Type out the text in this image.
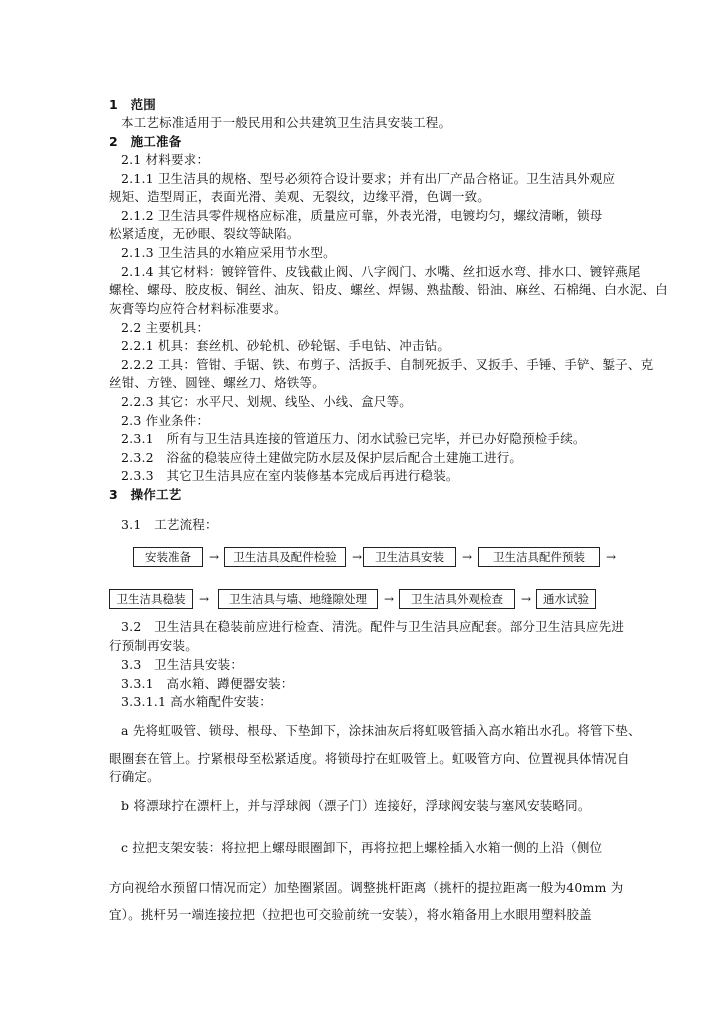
1　范围

本工艺标准适用于一般民用和公共建筑卫生洁具安装工程。

2　施工准备

2.1 材料要求：

2.1.1 卫生洁具的规格、型号必须符合设计要求；并有出厂产品合格证。卫生洁具外观应

规矩、造型周正，表面光滑、美观、无裂纹，边缘平滑，色调一致。

2.1.2 卫生洁具零件规格应标准，质量应可靠，外表光滑，电镀均匀，螺纹清晰，锁母

松紧适度，无砂眼、裂纹等缺陷。

2.1.3 卫生洁具的水箱应采用节水型。

2.1.4 其它材料：镀锌管件、皮钱截止阀、八字阀门、水嘴、丝扣返水弯、排水口、镀锌燕尾

螺栓、螺母、胶皮板、铜丝、油灰、铅皮、螺丝、焊锡、熟盐酸、铅油、麻丝、石棉绳、白水泥、白

灰膏等均应符合材料标准要求。

2.2 主要机具：

2.2.1 机具：套丝机、砂轮机、砂轮锯、手电钻、冲击钻。

2.2.2 工具：管钳、手锯、铁、布剪子、活扳手、自制死扳手、叉扳手、手锤、手铲、錾子、克

丝钳、方锉、圆锉、螺丝刀、烙铁等。

2.2.3 其它：水平尺、划规、线坠、小线、盒尺等。

2.3 作业条件：

2.3.1　所有与卫生洁具连接的管道压力、闭水试验已完毕，并已办好隐预检手续。

2.3.2　浴盆的稳装应待土建做完防水层及保护层后配合土建施工进行。

2.3.3　其它卫生洁具应在室内装修基本完成后再进行稳装。

3　操作工艺

3.1　工艺流程：

安装准备	→	卫生洁具及配件检验	→	卫生洁具安装	→	卫生洁具配件预装	→
卫生洁具稳装	→	卫生洁具与墙、地缝隙处理	→	卫生洁具外观检查	→	通水试验

3.2　卫生洁具在稳装前应进行检查、清洗。配件与卫生洁具应配套。部分卫生洁具应先进

行预制再安装。

3.3　卫生洁具安装：

3.3.1　高水箱、蹲便器安装：

3.3.1.1 高水箱配件安装：

a 先将虹吸管、锁母、根母、下垫卸下，涂抹油灰后将虹吸管插入高水箱出水孔。将管下垫、

眼圈套在管上。拧紧根母至松紧适度。将锁母拧在虹吸管上。虹吸管方向、位置视具体情况自

行确定。

b 将漂球拧在漂杆上，并与浮球阀（漂子门）连接好，浮球阀安装与塞风安装略同。

c 拉把支架安装：将拉把上螺母眼圈卸下，再将拉把上螺栓插入水箱一侧的上沿（侧位

方向视给水预留口情况而定）加垫圈紧固。调整挑杆距离（挑杆的提拉距离一般为40mm 为

宜）。挑杆另一端连接拉把（拉把也可交验前统一安装），将水箱备用上水眼用塑料胶盖
